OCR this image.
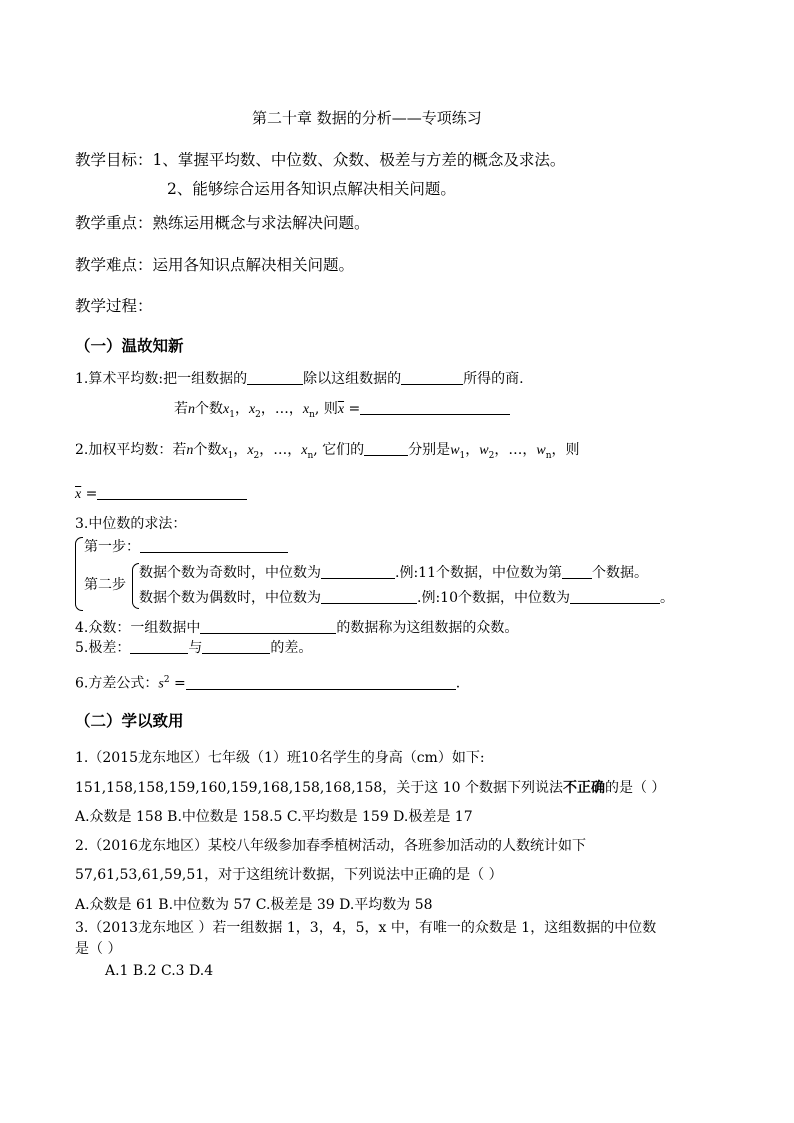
第二十章 数据的分析——专项练习
教学目标：1、掌握平均数、中位数、众数、极差与方差的概念及求法。
2、能够综合运用各知识点解决相关问题。
教学重点：熟练运用概念与求法解决问题。
教学难点：运用各知识点解决相关问题。
教学过程：
（一）温故知新
1.算术平均数:把一组数据的	除以这组数据的	所得的商.
若n个数$x_1$，$x_2$，…，$x_n$, 则$\overline{x}$ =
2.加权平均数：若n个数$x_1$，$x_2$，…，$x_n$, 它们的	分别是$w_1$，$w_2$，…，$w_n$，则
$\overline{x}$ =
3.中位数的求法：
第一步：
第二步
数据个数为奇数时，中位数为	.例:11个数据，中位数为第 个数据。
数据个数为偶数时，中位数为	.例:10个数据，中位数为	。
4.众数：一组数据中	的数据称为这组数据的众数。
5.极差：	与	的差。
6.方差公式：$s^2$ =	.
（二）学以致用
1.（2015龙东地区）七年级（1）班10名学生的身高（cm）如下:
151,158,158,159,160,159,168,158,168,158，关于这 10 个数据下列说法不正确的是（ ）
A.众数是 158 B.中位数是 158.5 C.平均数是 159 D.极差是 17
2.（2016龙东地区）某校八年级参加春季植树活动，各班参加活动的人数统计如下
57,61,53,61,59,51，对于这组统计数据，下列说法中正确的是（ ）
A.众数是 61 B.中位数为 57 C.极差是 39 D.平均数为 58
3.（2013龙东地区 ）若一组数据 1，3，4，5，x 中，有唯一的众数是 1，这组数据的中位数
是（ ）
A.1 B.2 C.3 D.4
